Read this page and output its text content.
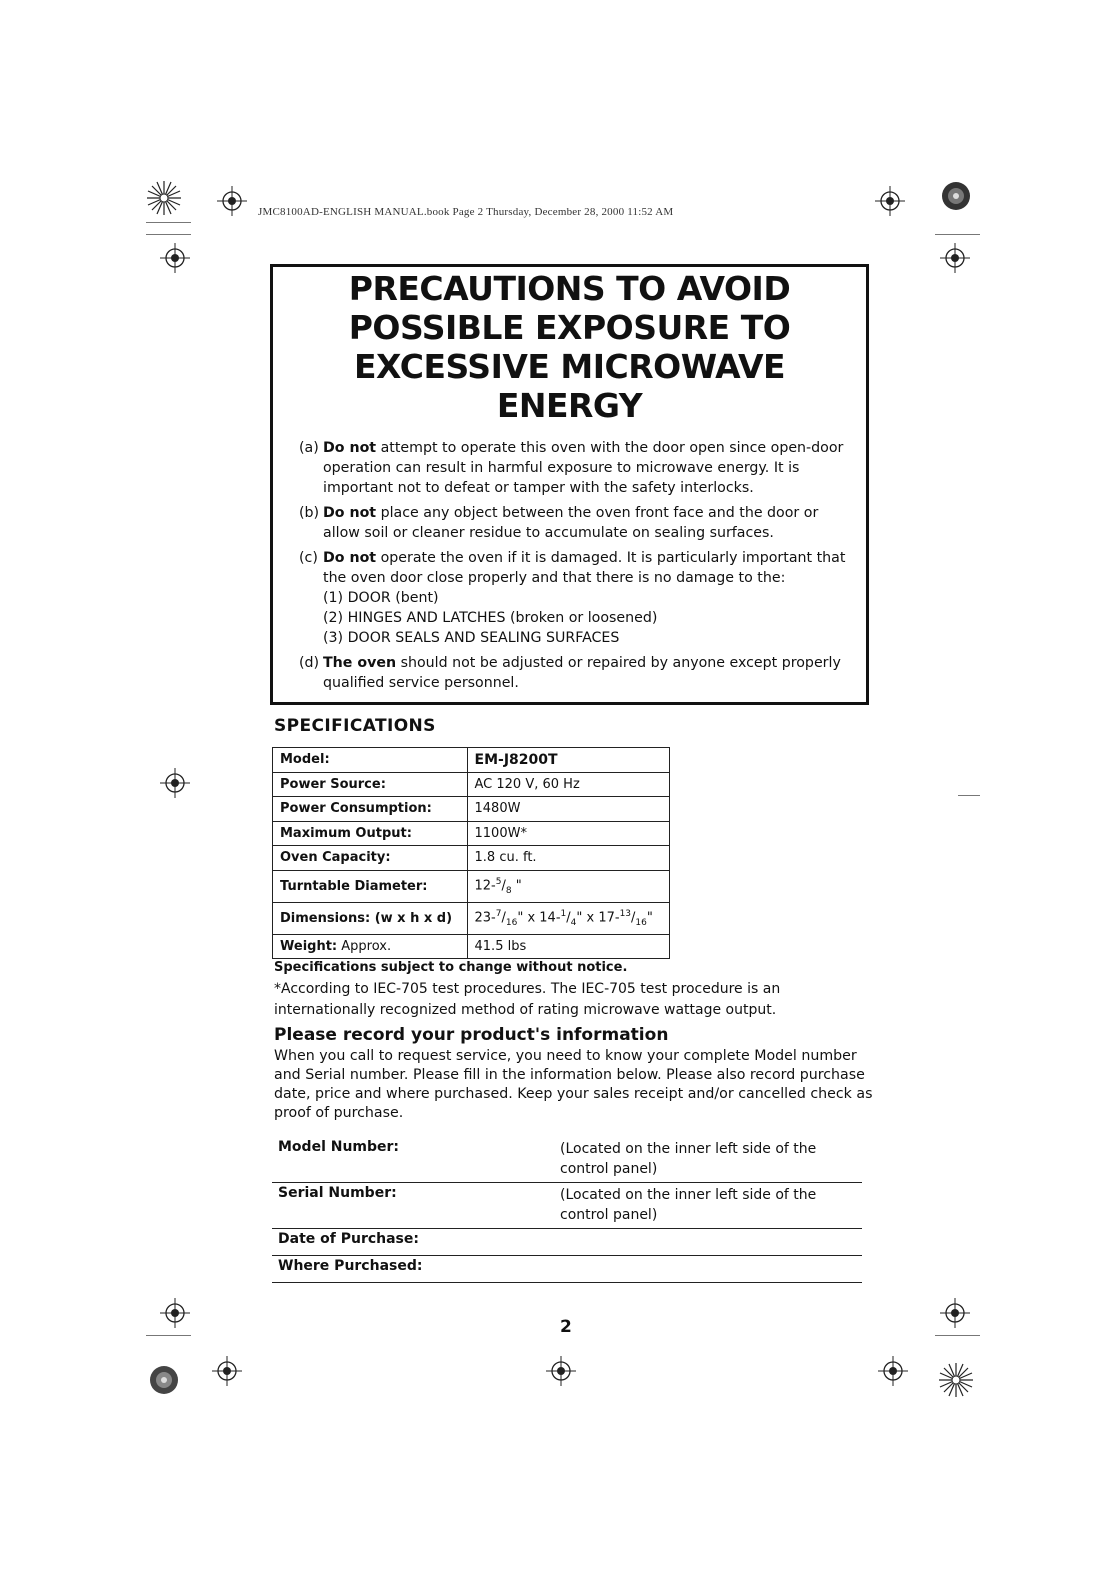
JMC8100AD-ENGLISH MANUAL.book Page 2 Thursday, December 28, 2000 11:52 AM
PRECAUTIONS TO AVOID
POSSIBLE EXPOSURE TO
EXCESSIVE MICROWAVE
ENERGY
(a) Do not attempt to operate this oven with the door open since open-door operation can result in harmful exposure to microwave energy. It is important not to defeat or tamper with the safety interlocks.
(b) Do not place any object between the oven front face and the door or allow soil or cleaner residue to accumulate on sealing surfaces.
(c) Do not operate the oven if it is damaged. It is particularly important that the oven door close properly and that there is no damage to the:
(1) DOOR (bent)
(2) HINGES AND LATCHES (broken or loosened)
(3) DOOR SEALS AND SEALING SURFACES
(d) The oven should not be adjusted or repaired by anyone except properly qualified service personnel.
SPECIFICATIONS
Model:	EM-J8200T
Power Source:	AC 120 V, 60 Hz
Power Consumption:	1480W
Maximum Output:	1100W*
Oven Capacity:	1.8 cu. ft.
Turntable Diameter:	$12-^5/_8$ "
Dimensions: (w x h x d)	$23-^7/_{16}$" x $14-^1/_4$" x $17-^{13}/_{16}$"
Weight: Approx.	41.5 lbs
Specifications subject to change without notice.
*According to IEC-705 test procedures. The IEC-705 test procedure is an internationally recognized method of rating microwave wattage output.
Please record your product's information
When you call to request service, you need to know your complete Model number and Serial number. Please fill in the information below. Please also record purchase date, price and where purchased. Keep your sales receipt and/or cancelled check as proof of purchase.
Model Number:	(Located on the inner left side of the
control panel)
Serial Number:	(Located on the inner left side of the
control panel)
Date of Purchase:
Where Purchased:
2
